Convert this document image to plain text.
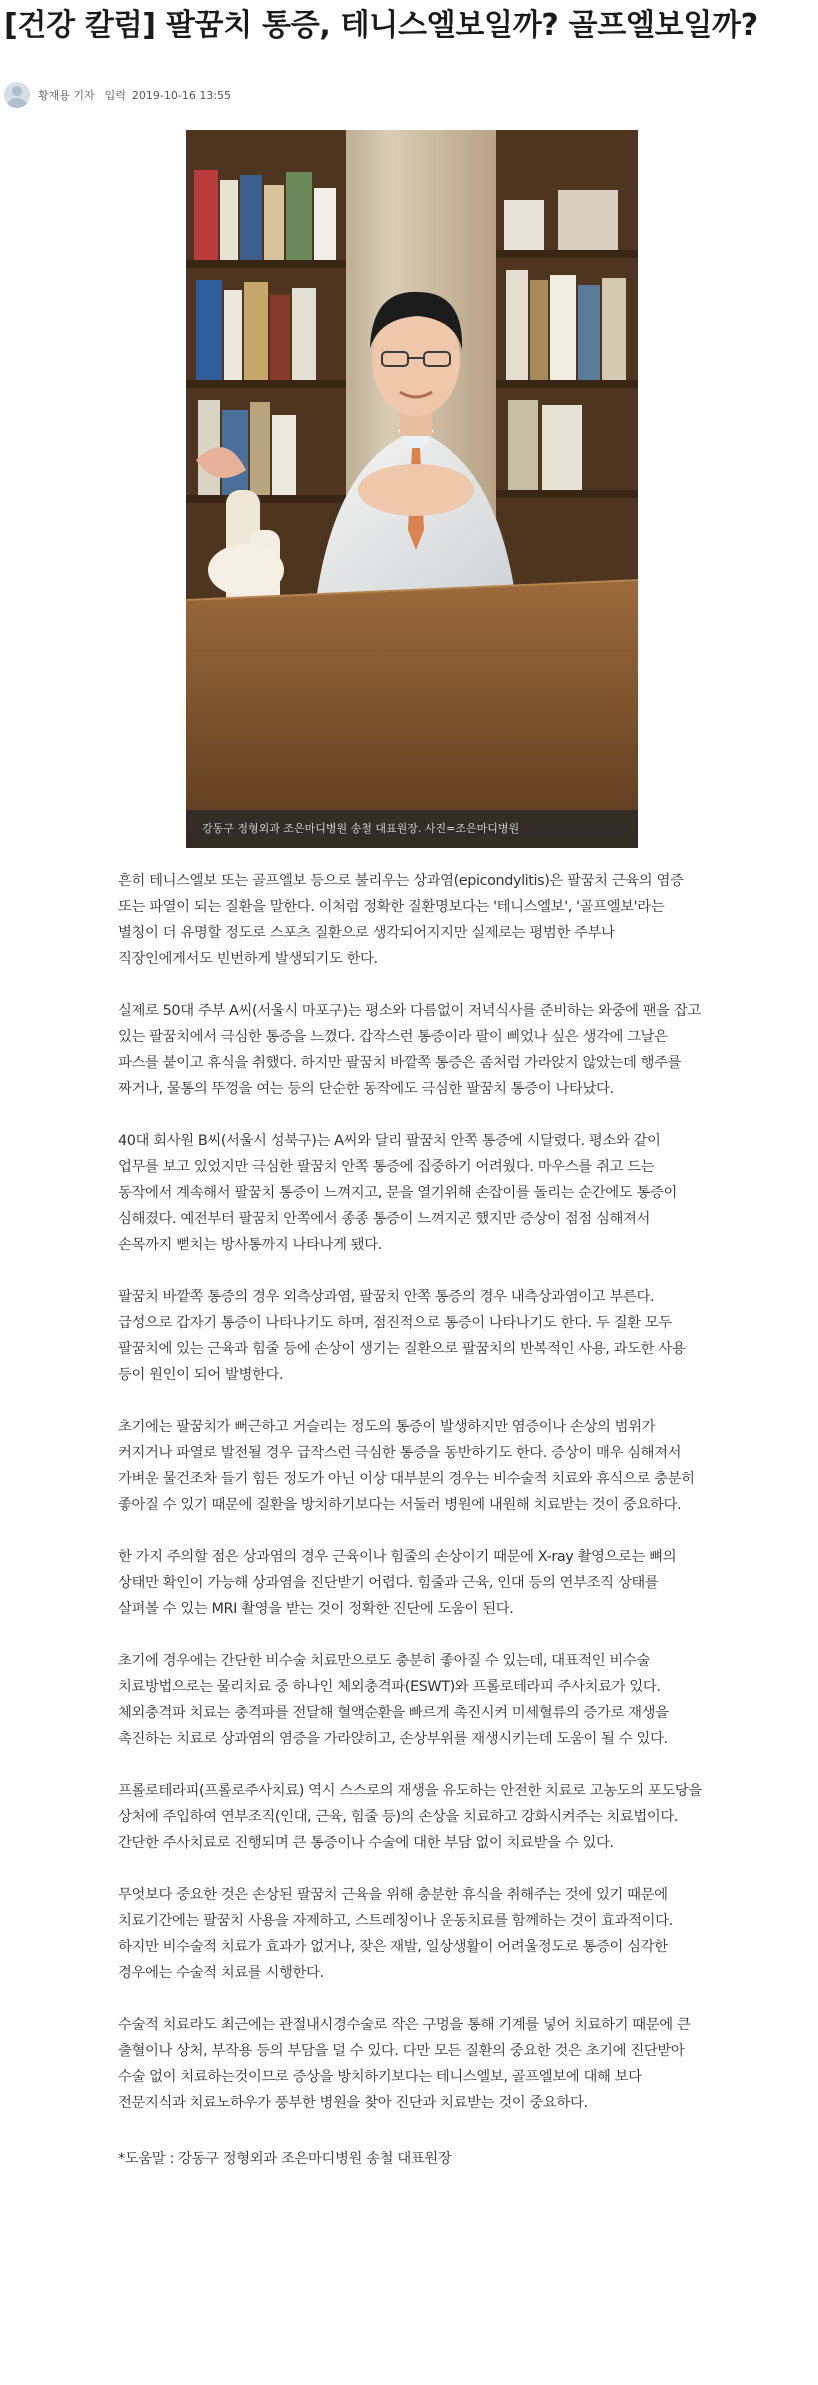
[건강 칼럼] 팔꿈치 통증, 테니스엘보일까? 골프엘보일까?
황재용 기자 입력 2019-10-16 13:55
강동구 정형외과 조은마디병원 송철 대표원장. 사진=조은마디병원

흔히 테니스엘보 또는 골프엘보 등으로 불리우는 상과염(epicondylitis)은 팔꿈치 근육의 염증 또는 파열이 되는 질환을 말한다. 이처럼 정확한 질환명보다는 '테니스엘보', '골프엘보'라는 별칭이 더 유명할 정도로 스포츠 질환으로 생각되어지지만 실제로는 평범한 주부나 직장인에게서도 빈번하게 발생되기도 한다.

실제로 50대 주부 A씨(서울시 마포구)는 평소와 다름없이 저녁식사를 준비하는 와중에 팬을 잡고 있는 팔꿈치에서 극심한 통증을 느꼈다. 갑작스런 통증이라 팔이 삐었나 싶은 생각에 그날은 파스를 붙이고 휴식을 취했다. 하지만 팔꿈치 바깥쪽 통증은 좀처럼 가라앉지 않았는데 행주를 짜거나, 물통의 뚜껑을 여는 등의 단순한 동작에도 극심한 팔꿈치 통증이 나타났다.

40대 회사원 B씨(서울시 성북구)는 A씨와 달리 팔꿈치 안쪽 통증에 시달렸다. 평소와 같이 업무를 보고 있었지만 극심한 팔꿈치 안쪽 통증에 집중하기 어려웠다. 마우스를 쥐고 드는 동작에서 계속해서 팔꿈치 통증이 느껴지고, 문을 열기위해 손잡이를 돌리는 순간에도 통증이 심해졌다. 예전부터 팔꿈치 안쪽에서 종종 통증이 느껴지곤 했지만 증상이 점점 심해져서 손목까지 뻗치는 방사통까지 나타나게 됐다.

팔꿈치 바깥쪽 통증의 경우 외측상과염, 팔꿈치 안쪽 통증의 경우 내측상과염이고 부른다. 급성으로 갑자기 통증이 나타나기도 하며, 점진적으로 통증이 나타나기도 한다. 두 질환 모두 팔꿈치에 있는 근육과 힘줄 등에 손상이 생기는 질환으로 팔꿈치의 반복적인 사용, 과도한 사용 등이 원인이 되어 발병한다.

초기에는 팔꿈치가 뻐근하고 거슬리는 정도의 통증이 발생하지만 염증이나 손상의 범위가 커지거나 파열로 발전될 경우 급작스런 극심한 통증을 동반하기도 한다. 증상이 매우 심해져서 가벼운 물건조차 들기 힘든 정도가 아닌 이상 대부분의 경우는 비수술적 치료와 휴식으로 충분히 좋아질 수 있기 때문에 질환을 방치하기보다는 서둘러 병원에 내원해 치료받는 것이 중요하다.

한 가지 주의할 점은 상과염의 경우 근육이나 힘줄의 손상이기 때문에 X-ray 촬영으로는 뼈의 상태만 확인이 가능해 상과염을 진단받기 어렵다. 힘줄과 근육, 인대 등의 연부조직 상태를 살펴볼 수 있는 MRI 촬영을 받는 것이 정확한 진단에 도움이 된다.

초기에 경우에는 간단한 비수술 치료만으로도 충분히 좋아질 수 있는데, 대표적인 비수술 치료방법으로는 물리치료 중 하나인 체외충격파(ESWT)와 프롤로테라피 주사치료가 있다. 체외충격파 치료는 충격파를 전달해 혈액순환을 빠르게 촉진시켜 미세혈류의 증가로 재생을 촉진하는 치료로 상과염의 염증을 가라앉히고, 손상부위를 재생시키는데 도움이 될 수 있다.

프롤로테라피(프롤로주사치료) 역시 스스로의 재생을 유도하는 안전한 치료로 고농도의 포도당을 상처에 주입하여 연부조직(인대, 근육, 힘줄 등)의 손상을 치료하고 강화시켜주는 치료법이다. 간단한 주사치료로 진행되며 큰 통증이나 수술에 대한 부담 없이 치료받을 수 있다.

무엇보다 중요한 것은 손상된 팔꿈치 근육을 위해 충분한 휴식을 취해주는 것에 있기 때문에 치료기간에는 팔꿈치 사용을 자제하고, 스트레칭이나 운동치료를 함께하는 것이 효과적이다. 하지만 비수술적 치료가 효과가 없거나, 잦은 재발, 일상생활이 어려울정도로 통증이 심각한 경우에는 수술적 치료를 시행한다.

수술적 치료라도 최근에는 관절내시경수술로 작은 구멍을 통해 기계를 넣어 치료하기 때문에 큰 출혈이나 상처, 부작용 등의 부담을 덜 수 있다. 다만 모든 질환의 중요한 것은 초기에 진단받아 수술 없이 치료하는것이므로 증상을 방치하기보다는 테니스엘보, 골프엘보에 대해 보다 전문지식과 치료노하우가 풍부한 병원을 찾아 진단과 치료받는 것이 중요하다.

*도움말 : 강동구 정형외과 조은마디병원 송철 대표원장
